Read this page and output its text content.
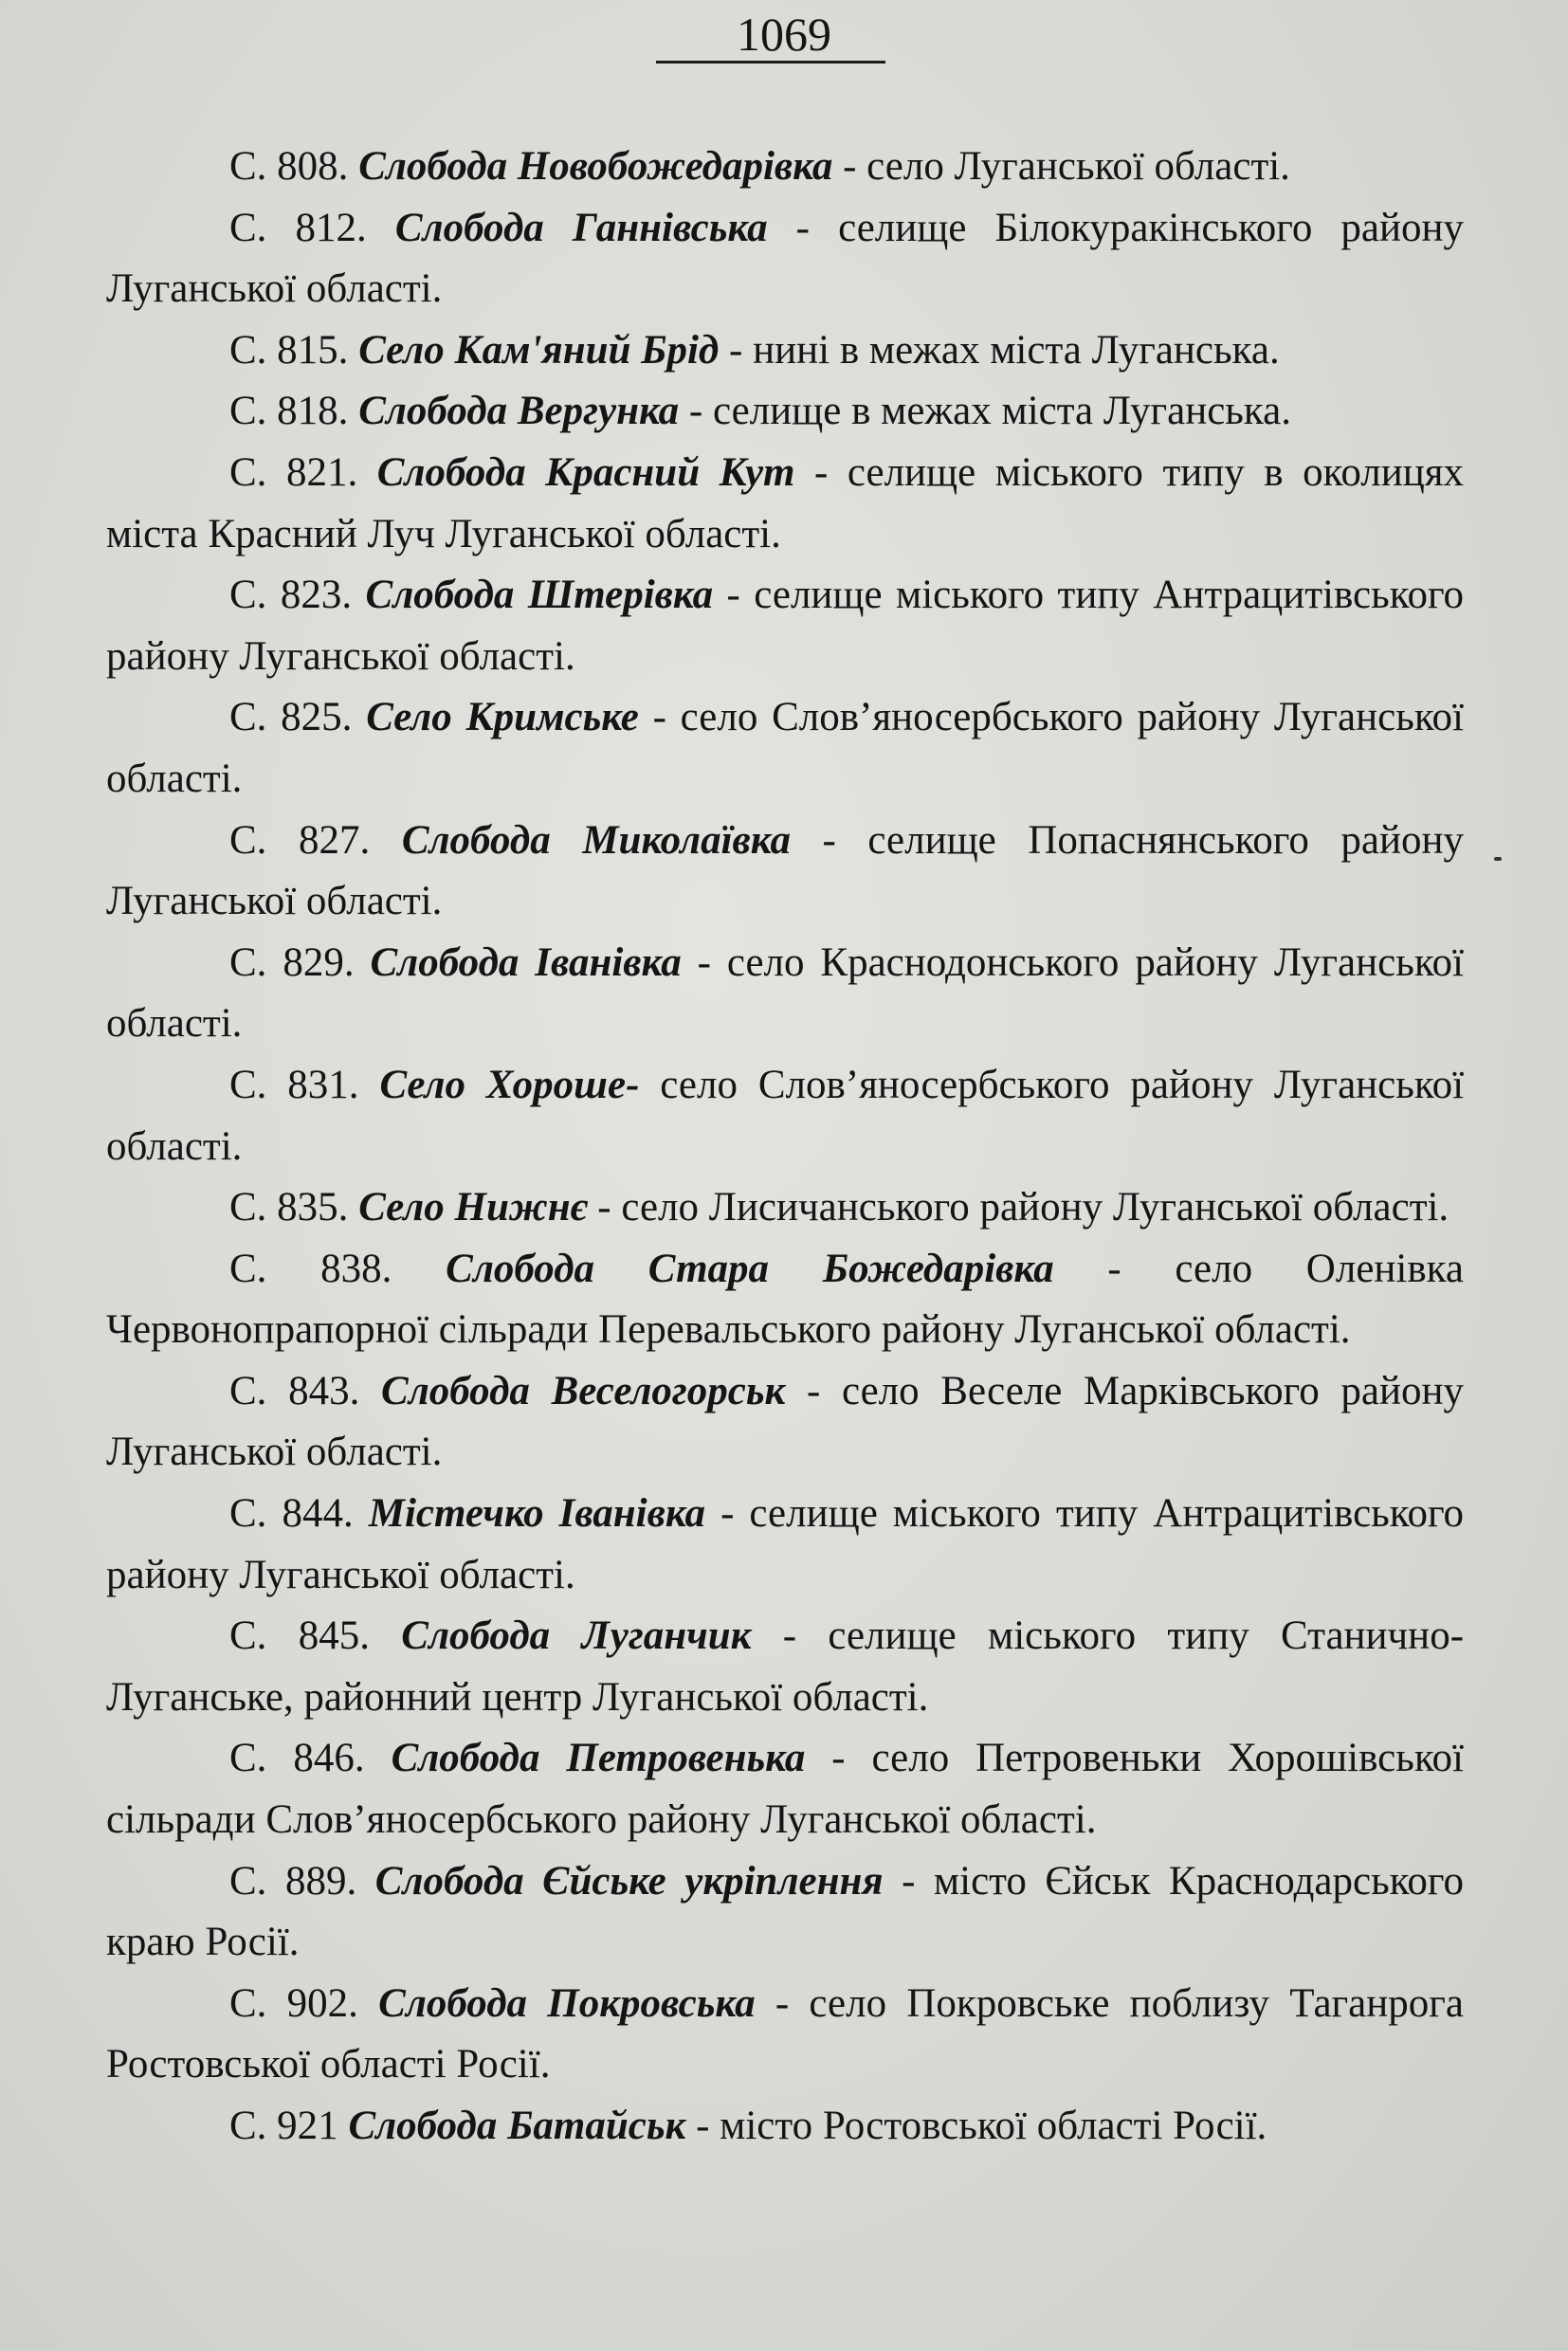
1069

С. 808. Слобода Новобожедарівка - село Луганської області.

С. 812. Слобода Ганнівська - селище Білокуракінського району Луганської області.

С. 815. Село Кам'яний Брід - нині в межах міста Луганська.

С. 818. Слобода Вергунка - селище в межах міста Луганська.

С. 821. Слобода Красний Кут - селище міського типу в околицях міста Красний Луч Луганської області.

С. 823. Слобода Штерівка - селище міського типу Антрацитівського району Луганської області.

С. 825. Село Кримське - село Слов’яносербського району Луганської області.

С. 827. Слобода Миколаївка - селище Попаснянського району Луганської області.

С. 829. Слобода Іванівка - село Краснодонського району Луганської області.

С. 831. Село Хороше- село Слов’яносербського району Луганської області.

С. 835. Село Нижнє - село Лисичанського району Луганської області.

С. 838. Слобода Стара Божедарівка - село Оленівка Червонопрапорної сільради Перевальського району Луганської області.

С. 843. Слобода Веселогорськ - село Веселе Марківського району Луганської області.

С. 844. Містечко Іванівка - селище міського типу Антрацитівського району Луганської області.

С. 845. Слобода Луганчик - селище міського типу Станично-Луганське, районний центр Луганської області.

С. 846. Слобода Петровенька - село Петровеньки Хорошівської сільради Слов’яносербського району Луганської області.

С. 889. Слобода Єйське укріплення - місто Єйськ Краснодарського краю Росії.

С. 902. Слобода Покровська - село Покровське поблизу Таганрога Ростовської області Росії.

С. 921 Слобода Батайськ - місто Ростовської області Росії.
